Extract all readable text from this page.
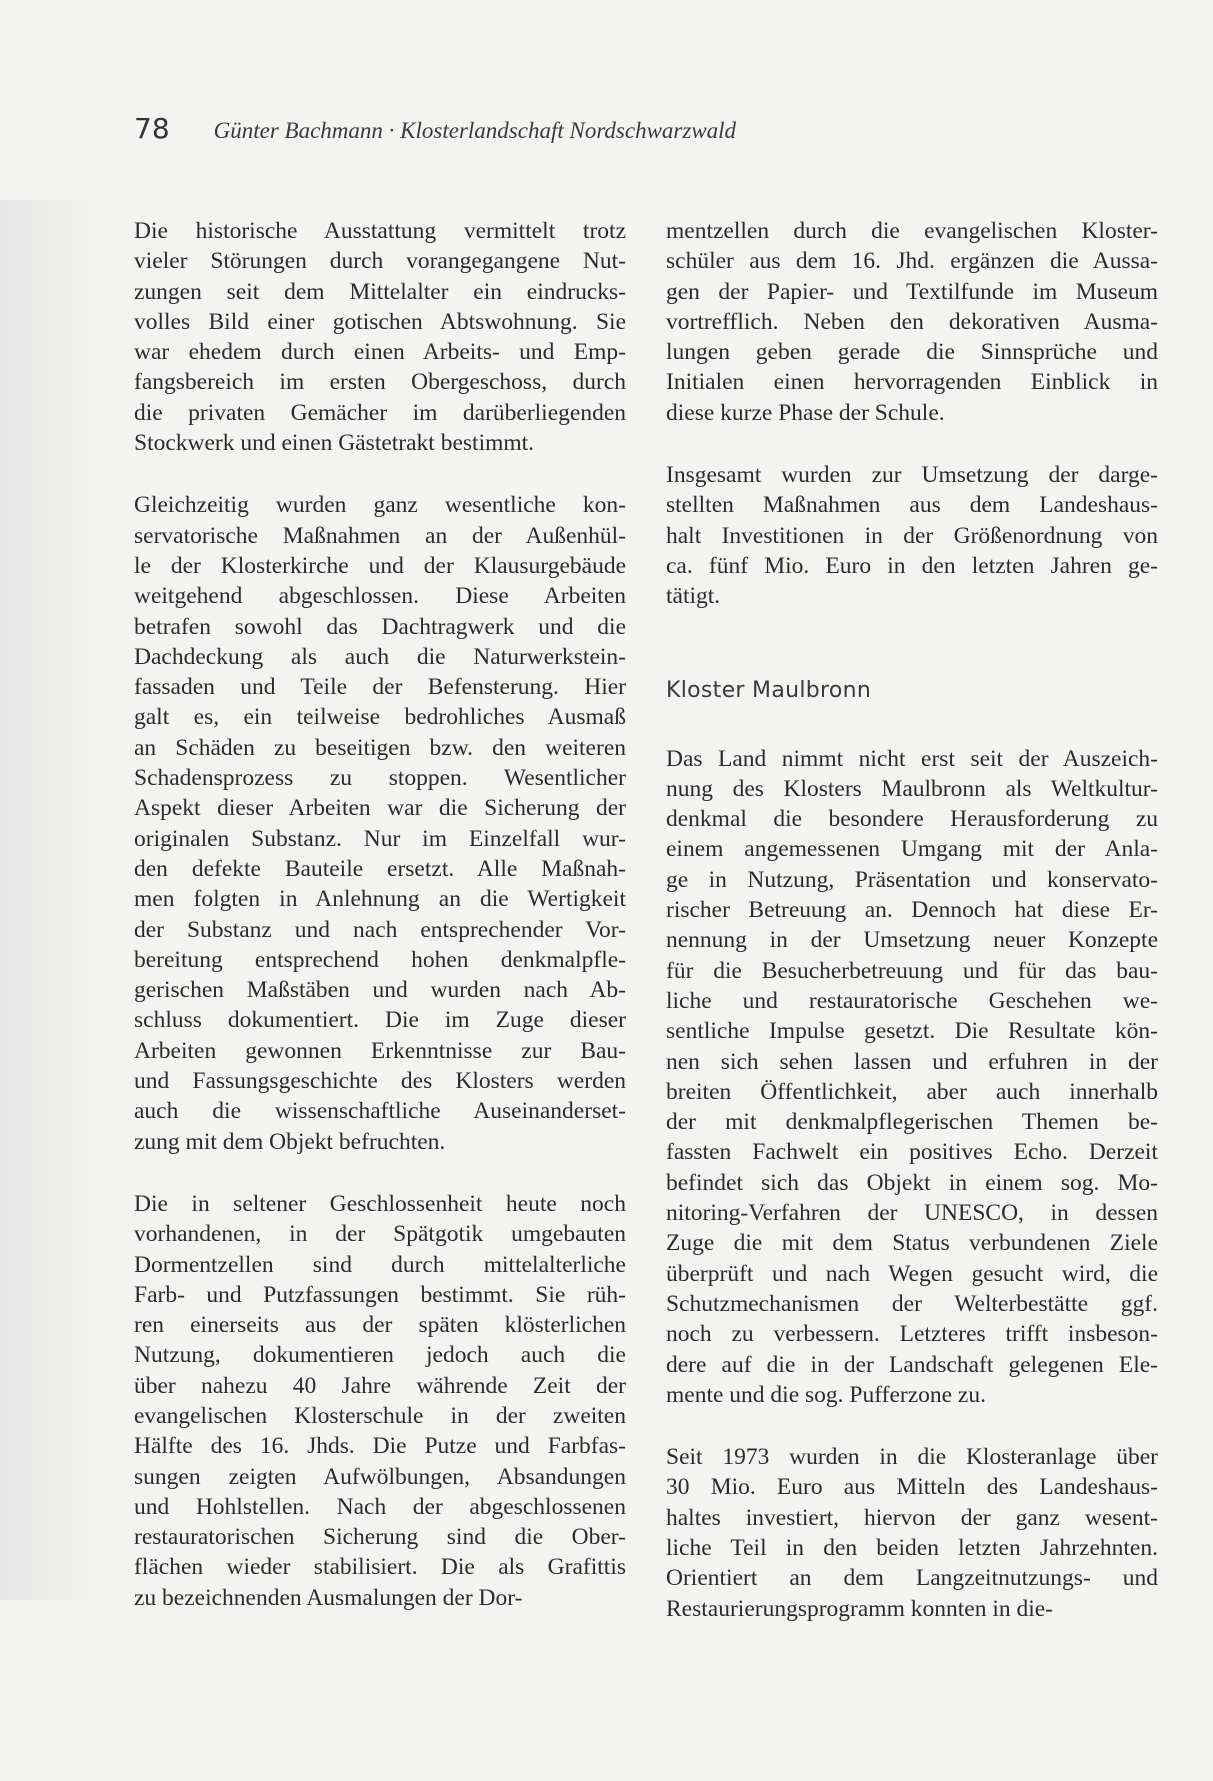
78 Günter Bachmann · Klosterlandschaft Nordschwarzwald
Die historische Ausstattung vermittelt trotz
vieler Störungen durch vorangegangene Nut-
zungen seit dem Mittelalter ein eindrucks-
volles Bild einer gotischen Abtswohnung. Sie
war ehedem durch einen Arbeits- und Emp-
fangsbereich im ersten Obergeschoss, durch
die privaten Gemächer im darüberliegenden
Stockwerk und einen Gästetrakt bestimmt.
Gleichzeitig wurden ganz wesentliche kon-
servatorische Maßnahmen an der Außenhül-
le der Klosterkirche und der Klausurgebäude
weitgehend abgeschlossen. Diese Arbeiten
betrafen sowohl das Dachtragwerk und die
Dachdeckung als auch die Naturwerkstein-
fassaden und Teile der Befensterung. Hier
galt es, ein teilweise bedrohliches Ausmaß
an Schäden zu beseitigen bzw. den weiteren
Schadensprozess zu stoppen. Wesentlicher
Aspekt dieser Arbeiten war die Sicherung der
originalen Substanz. Nur im Einzelfall wur-
den defekte Bauteile ersetzt. Alle Maßnah-
men folgten in Anlehnung an die Wertigkeit
der Substanz und nach entsprechender Vor-
bereitung entsprechend hohen denkmalpfle-
gerischen Maßstäben und wurden nach Ab-
schluss dokumentiert. Die im Zuge dieser
Arbeiten gewonnen Erkenntnisse zur Bau-
und Fassungsgeschichte des Klosters werden
auch die wissenschaftliche Auseinanderset-
zung mit dem Objekt befruchten.
Die in seltener Geschlossenheit heute noch
vorhandenen, in der Spätgotik umgebauten
Dormentzellen sind durch mittelalterliche
Farb- und Putzfassungen bestimmt. Sie rüh-
ren einerseits aus der späten klösterlichen
Nutzung, dokumentieren jedoch auch die
über nahezu 40 Jahre währende Zeit der
evangelischen Klosterschule in der zweiten
Hälfte des 16. Jhds. Die Putze und Farbfas-
sungen zeigten Aufwölbungen, Absandungen
und Hohlstellen. Nach der abgeschlossenen
restauratorischen Sicherung sind die Ober-
flächen wieder stabilisiert. Die als Grafittis
zu bezeichnenden Ausmalungen der Dor-
mentzellen durch die evangelischen Kloster-
schüler aus dem 16. Jhd. ergänzen die Aussa-
gen der Papier- und Textilfunde im Museum
vortrefflich. Neben den dekorativen Ausma-
lungen geben gerade die Sinnsprüche und
Initialen einen hervorragenden Einblick in
diese kurze Phase der Schule.
Insgesamt wurden zur Umsetzung der darge-
stellten Maßnahmen aus dem Landeshaus-
halt Investitionen in der Größenordnung von
ca. fünf Mio. Euro in den letzten Jahren ge-
tätigt.
Kloster Maulbronn
Das Land nimmt nicht erst seit der Auszeich-
nung des Klosters Maulbronn als Weltkultur-
denkmal die besondere Herausforderung zu
einem angemessenen Umgang mit der Anla-
ge in Nutzung, Präsentation und konservato-
rischer Betreuung an. Dennoch hat diese Er-
nennung in der Umsetzung neuer Konzepte
für die Besucherbetreuung und für das bau-
liche und restauratorische Geschehen we-
sentliche Impulse gesetzt. Die Resultate kön-
nen sich sehen lassen und erfuhren in der
breiten Öffentlichkeit, aber auch innerhalb
der mit denkmalpflegerischen Themen be-
fassten Fachwelt ein positives Echo. Derzeit
befindet sich das Objekt in einem sog. Mo-
nitoring-Verfahren der UNESCO, in dessen
Zuge die mit dem Status verbundenen Ziele
überprüft und nach Wegen gesucht wird, die
Schutzmechanismen der Welterbestätte ggf.
noch zu verbessern. Letzteres trifft insbeson-
dere auf die in der Landschaft gelegenen Ele-
mente und die sog. Pufferzone zu.
Seit 1973 wurden in die Klosteranlage über
30 Mio. Euro aus Mitteln des Landeshaus-
haltes investiert, hiervon der ganz wesent-
liche Teil in den beiden letzten Jahrzehnten.
Orientiert an dem Langzeitnutzungs- und
Restaurierungsprogramm konnten in die-
